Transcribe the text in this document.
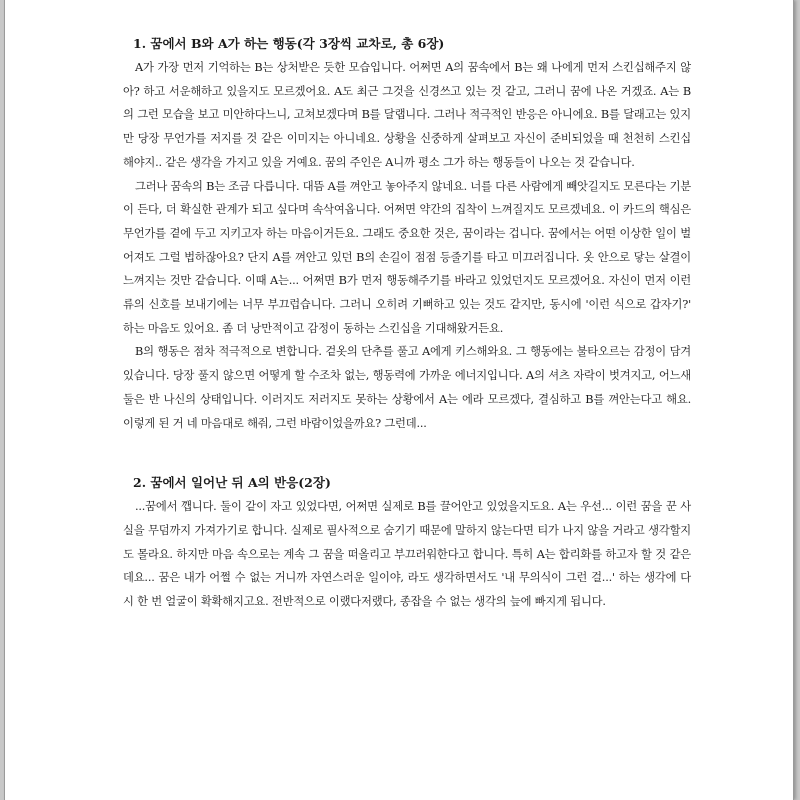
1. 꿈에서 B와 A가 하는 행동(각 3장씩 교차로, 총 6장)

A가 가장 먼저 기억하는 B는 상처받은 듯한 모습입니다. 어쩌면 A의 꿈속에서 B는 왜 나에게 먼저 스킨십해주지 않아? 하고 서운해하고 있을지도 모르겠어요. A도 최근 그것을 신경쓰고 있는 것 같고, 그러니 꿈에 나온 거겠죠. A는 B의 그런 모습을 보고 미안하다느니, 고쳐보겠다며 B를 달랩니다. 그러나 적극적인 반응은 아니에요. B를 달래고는 있지만 당장 무언가를 저지를 것 같은 이미지는 아니네요. 상황을 신중하게 살펴보고 자신이 준비되었을 때 천천히 스킨십해야지.. 같은 생각을 가지고 있을 거예요. 꿈의 주인은 A니까 평소 그가 하는 행동들이 나오는 것 같습니다.

그러나 꿈속의 B는 조금 다릅니다. 대뜸 A를 껴안고 놓아주지 않네요. 너를 다른 사람에게 빼앗길지도 모른다는 기분이 든다, 더 확실한 관계가 되고 싶다며 속삭여옵니다. 어쩌면 약간의 집착이 느껴질지도 모르겠네요. 이 카드의 핵심은 무언가를 곁에 두고 지키고자 하는 마음이거든요. 그래도 중요한 것은, 꿈이라는 겁니다. 꿈에서는 어떤 이상한 일이 벌어져도 그럴 법하잖아요? 단지 A를 껴안고 있던 B의 손길이 점점 등줄기를 타고 미끄러집니다. 옷 안으로 닿는 살결이 느껴지는 것만 같습니다. 이때 A는... 어쩌면 B가 먼저 행동해주기를 바라고 있었던지도 모르겠어요. 자신이 먼저 이런 류의 신호를 보내기에는 너무 부끄럽습니다. 그러니 오히려 기뻐하고 있는 것도 같지만, 동시에 '이런 식으로 갑자기?' 하는 마음도 있어요. 좀 더 낭만적이고 감정이 동하는 스킨십을 기대해왔거든요.

B의 행동은 점차 적극적으로 변합니다. 겉옷의 단추를 풀고 A에게 키스해와요. 그 행동에는 불타오르는 감정이 담겨 있습니다. 당장 풀지 않으면 어떻게 할 수조차 없는, 행동력에 가까운 에너지입니다. A의 셔츠 자락이 벗겨지고, 어느새 둘은 반 나신의 상태입니다. 이러지도 저러지도 못하는 상황에서 A는 에라 모르겠다, 결심하고 B를 껴안는다고 해요. 이렇게 된 거 네 마음대로 해줘, 그런 바람이었을까요? 그런데...

2. 꿈에서 일어난 뒤 A의 반응(2장)

...꿈에서 깹니다. 둘이 같이 자고 있었다면, 어쩌면 실제로 B를 끌어안고 있었을지도요. A는 우선... 이런 꿈을 꾼 사실을 무덤까지 가져가기로 합니다. 실제로 필사적으로 숨기기 때문에 말하지 않는다면 티가 나지 않을 거라고 생각할지도 몰라요. 하지만 마음 속으로는 계속 그 꿈을 떠올리고 부끄러워한다고 합니다. 특히 A는 합리화를 하고자 할 것 같은데요... 꿈은 내가 어쩔 수 없는 거니까 자연스러운 일이야, 라도 생각하면서도 '내 무의식이 그런 걸...' 하는 생각에 다시 한 번 얼굴이 확확해지고요. 전반적으로 이랬다저랬다, 종잡을 수 없는 생각의 늪에 빠지게 됩니다.
